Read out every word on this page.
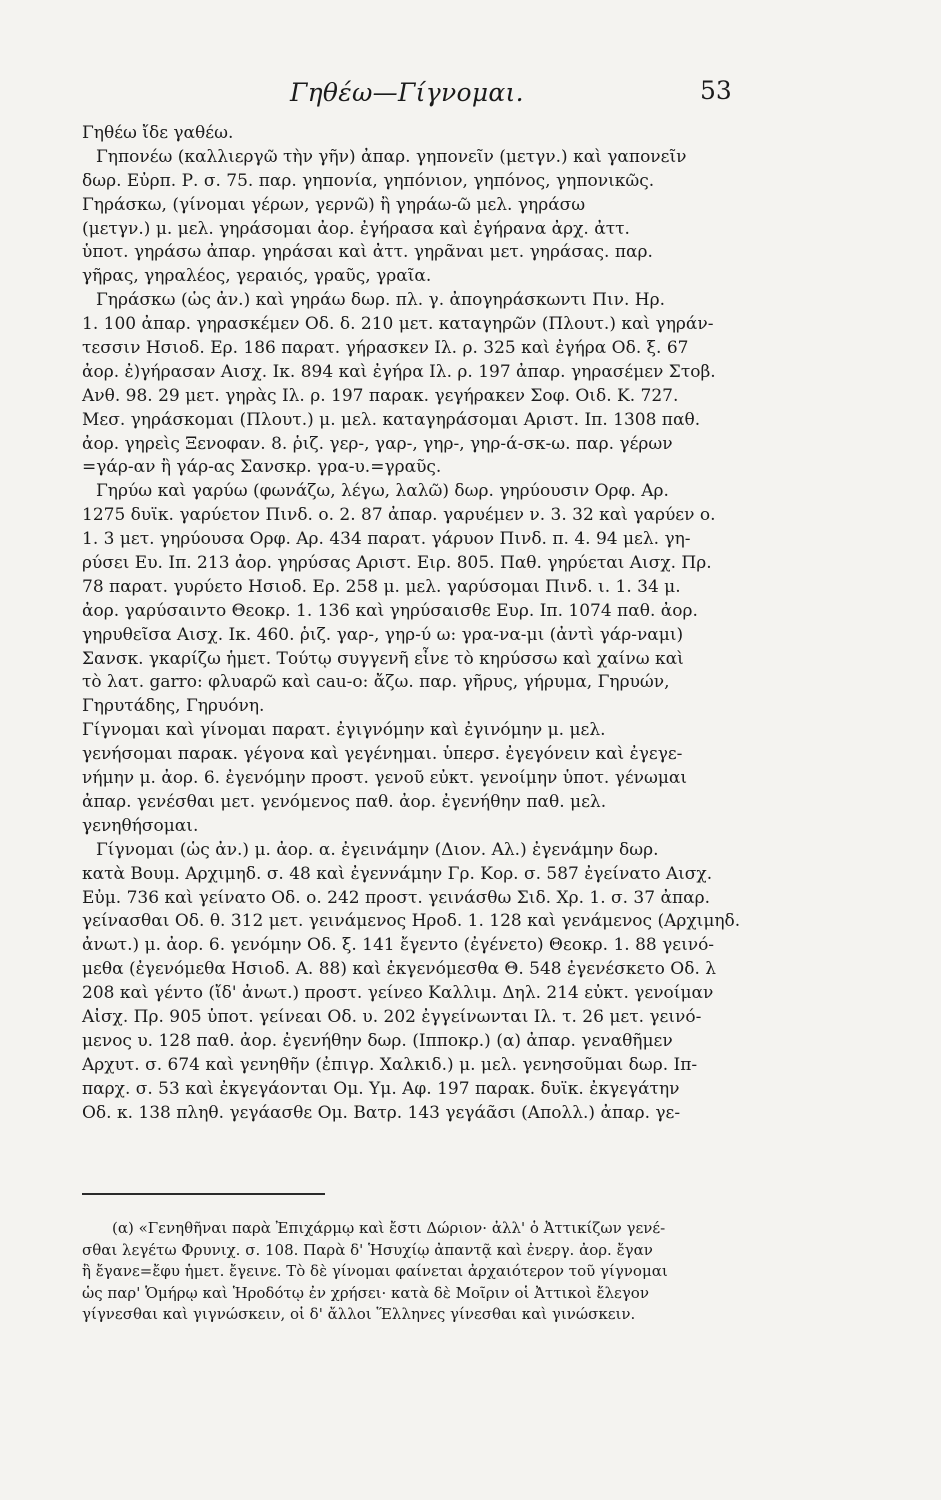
Γηθέω—Γίγνομαι.	53
Γηθέω ἴδε γαθέω.
Γηπονέω (καλλιεργῶ τὴν γῆν) ἀπαρ. γηπονεῖν (μετγν.) καὶ γαπονεῖν
δωρ. Εὐρπ. Ρ. σ. 75. παρ. γηπονία, γηπόνιον, γηπόνος, γηπονικῶς.
Γηράσκω, (γίνομαι γέρων, γερνῶ) ἢ γηράω-ῶ μελ. γηράσω
(μετγν.) μ. μελ. γηράσομαι ἀορ. ἐγήρασα καὶ ἐγήρανα ἀρχ. ἀττ.
ὑποτ. γηράσω ἀπαρ. γηράσαι καὶ ἀττ. γηρᾶναι μετ. γηράσας. παρ.
γῆρας, γηραλέος, γεραιός, γραῦς, γραῖα.
Γηράσκω (ὡς ἀν.) καὶ γηράω δωρ. πλ. γ. ἀπογηράσκωντι Πιν. Ηρ.
1. 100 ἀπαρ. γηρασκέμεν Οδ. δ. 210 μετ. καταγηρῶν (Πλουτ.) καὶ γηράν-
τεσσιν Ησιοδ. Ερ. 186 παρατ. γήρασκεν Ιλ. ρ. 325 καὶ ἐγήρα Οδ. ξ. 67
ἀορ. ἐ)γήρασαν Αισχ. Ικ. 894 καὶ ἐγήρα Ιλ. ρ. 197 ἀπαρ. γηρασέμεν Στοβ.
Ανθ. 98. 29 μετ. γηρὰς Ιλ. ρ. 197 παρακ. γεγήρακεν Σοφ. Οιδ. Κ. 727.
Μεσ. γηράσκομαι (Πλουτ.) μ. μελ. καταγηράσομαι Αριστ. Ιπ. 1308 παθ.
ἀορ. γηρεὶς Ξενοφαν. 8. ῥιζ. γερ-, γαρ-, γηρ-, γηρ-ά-σκ-ω. παρ. γέρων
=γάρ-αν ἢ γάρ-ας Σανσκρ. γρα-υ.=γραῦς.
Γηρύω καὶ γαρύω (φωνάζω, λέγω, λαλῶ) δωρ. γηρύουσιν Ορφ. Αρ.
1275 δυϊκ. γαρύετον Πινδ. ο. 2. 87 ἀπαρ. γαρυέμεν ν. 3. 32 καὶ γαρύεν ο.
1. 3 μετ. γηρύουσα Ορφ. Αρ. 434 παρατ. γάρυον Πινδ. π. 4. 94 μελ. γη-
ρύσει Ευ. Ιπ. 213 ἀορ. γηρύσας Αριστ. Ειρ. 805. Παθ. γηρύεται Αισχ. Πρ.
78 παρατ. γυρύετο Ησιοδ. Ερ. 258 μ. μελ. γαρύσομαι Πινδ. ι. 1. 34 μ.
ἀορ. γαρύσαιντο Θεοκρ. 1. 136 καὶ γηρύσαισθε Ευρ. Ιπ. 1074 παθ. ἀορ.
γηρυθεῖσα Αισχ. Ικ. 460. ῥιζ. γαρ-, γηρ-ύ ω: γρα-να-μι (ἀντὶ γάρ-ναμι)
Σανσκ. γκαρίζω ἡμετ. Τούτῳ συγγενῆ εἶνε τὸ κηρύσσω καὶ χαίνω καὶ
τὸ λατ. garro: φλυαρῶ καὶ cau-o: ἄζω. παρ. γῆρυς, γήρυμα, Γηρυών,
Γηρυτάδης, Γηρυόνη.
Γίγνομαι καὶ γίνομαι παρατ. ἐγιγνόμην καὶ ἐγινόμην μ. μελ.
γενήσομαι παρακ. γέγονα καὶ γεγένημαι. ὑπερσ. ἐγεγόνειν καὶ ἐγεγε-
νήμην μ. ἀορ. 6. ἐγενόμην προστ. γενοῦ εὐκτ. γενοίμην ὑποτ. γένωμαι
ἀπαρ. γενέσθαι μετ. γενόμενος παθ. ἀορ. ἐγενήθην παθ. μελ.
γενηθήσομαι.
Γίγνομαι (ὡς ἀν.) μ. ἀορ. α. ἐγεινάμην (Διον. Αλ.) ἐγενάμην δωρ.
κατὰ Βουμ. Αρχιμηδ. σ. 48 καὶ ἐγεννάμην Γρ. Κορ. σ. 587 ἐγείνατο Αισχ.
Εὐμ. 736 καὶ γείνατο Οδ. ο. 242 προστ. γεινάσθω Σιδ. Χρ. 1. σ. 37 ἀπαρ.
γείνασθαι Οδ. θ. 312 μετ. γεινάμενος Ηροδ. 1. 128 καὶ γενάμενος (Αρχιμηδ.
ἀνωτ.) μ. ἀορ. 6. γενόμην Οδ. ξ. 141 ἔγεντο (ἐγένετο) Θεοκρ. 1. 88 γεινό-
μεθα (ἐγενόμεθα Ησιοδ. Α. 88) καὶ ἐκγενόμεσθα Θ. 548 ἐγενέσκετο Οδ. λ
208 καὶ γέντο (ἴδ' ἀνωτ.) προστ. γείνεο Καλλιμ. Δηλ. 214 εὐκτ. γενοίμαν
Αἰσχ. Πρ. 905 ὑποτ. γείνεαι Οδ. υ. 202 ἐγγείνωνται Ιλ. τ. 26 μετ. γεινό-
μενος υ. 128 παθ. ἀορ. ἐγενήθην δωρ. (Ιπποκρ.) (α) ἀπαρ. γεναθῆμεν
Αρχυτ. σ. 674 καὶ γενηθῆν (ἐπιγρ. Χαλκιδ.) μ. μελ. γενησοῦμαι δωρ. Ιπ-
παρχ. σ. 53 καὶ ἐκγεγάονται Ομ. Υμ. Αφ. 197 παρακ. δυϊκ. ἐκγεγάτην
Οδ. κ. 138 πληθ. γεγάασθε Ομ. Βατρ. 143 γεγάᾶσι (Απολλ.) ἀπαρ. γε-
(α) «Γενηθῆναι παρὰ Ἐπιχάρμῳ καὶ ἔστι Δώριον· ἀλλ' ὁ Ἀττικίζων γενέ-
σθαι λεγέτω Φρυνιχ. σ. 108. Παρὰ δ' Ἡσυχίῳ ἀπαντᾷ καὶ ἐνεργ. ἀορ. ἔγαν
ἢ ἔγανε=ἔφυ ἡμετ. ἔγεινε. Τὸ δὲ γίνομαι φαίνεται ἀρχαιότερον τοῦ γίγνομαι
ὡς παρ' Ὁμήρῳ καὶ Ἡροδότῳ ἐν χρήσει· κατὰ δὲ Μοῖριν οἱ Ἀττικοὶ ἔλεγον
γίγνεσθαι καὶ γιγνώσκειν, οἱ δ' ἄλλοι Ἕλληνες γίνεσθαι καὶ γινώσκειν.
